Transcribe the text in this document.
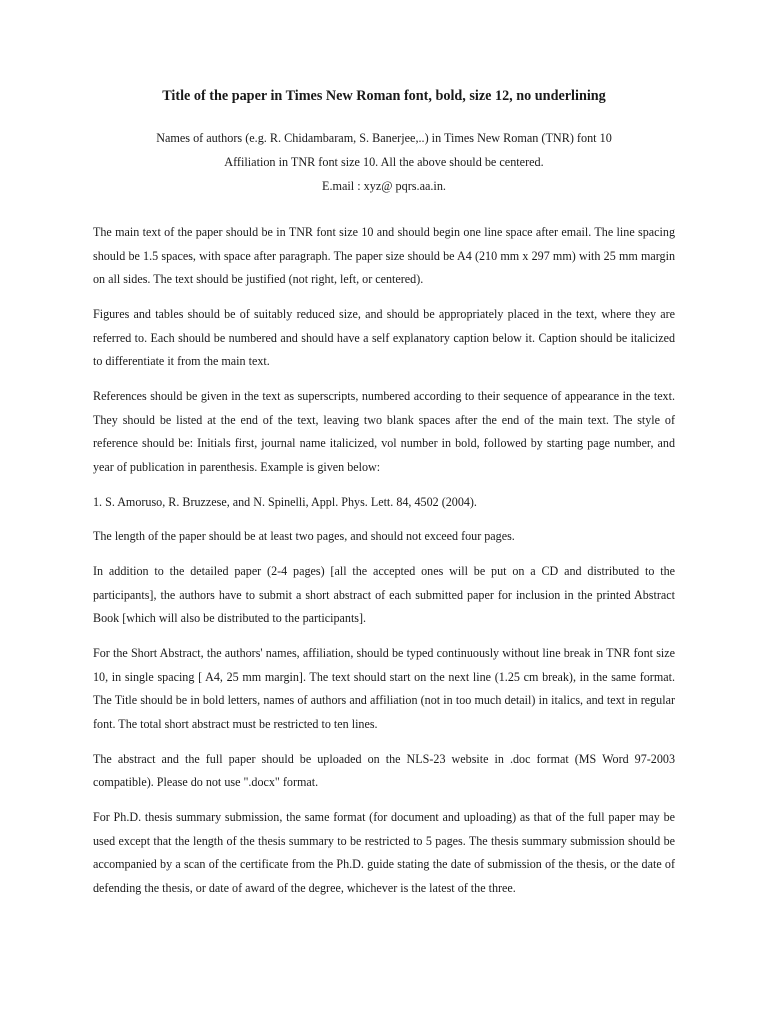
Title of the paper in Times New Roman font, bold, size 12, no underlining

Names of authors (e.g. R. Chidambaram, S. Banerjee,..) in Times New Roman (TNR) font 10

Affiliation in TNR font size 10. All the above should be centered.

E.mail : xyz@ pqrs.aa.in.

The main text of the paper should be in TNR font size 10 and should begin one line space after email. The line spacing should be 1.5 spaces, with space after paragraph. The paper size should be A4 (210 mm x 297 mm) with 25 mm margin on all sides. The text should be justified (not right, left, or centered).

Figures and tables should be of suitably reduced size, and should be appropriately placed in the text, where they are referred to. Each should be numbered and should have a self explanatory caption below it. Caption should be italicized to differentiate it from the main text.

References should be given in the text as superscripts, numbered according to their sequence of appearance in the text. They should be listed at the end of the text, leaving two blank spaces after the end of the main text. The style of reference should be: Initials first, journal name italicized, vol number in bold, followed by starting page number, and year of publication in parenthesis. Example is given below:

1. S. Amoruso, R. Bruzzese, and N. Spinelli, Appl. Phys. Lett. 84, 4502 (2004).

The length of the paper should be at least two pages, and should not exceed four pages.

In addition to the detailed paper (2-4 pages) [all the accepted ones will be put on a CD and distributed to the participants], the authors have to submit a short abstract of each submitted paper for inclusion in the printed Abstract Book [which will also be distributed to the participants].

For the Short Abstract, the authors' names, affiliation, should be typed continuously without line break in TNR font size 10, in single spacing [ A4, 25 mm margin]. The text should start on the next line (1.25 cm break), in the same format. The Title should be in bold letters, names of authors and affiliation (not in too much detail) in italics, and text in regular font. The total short abstract must be restricted to ten lines.

The abstract and the full paper should be uploaded on the NLS-23 website in .doc format (MS Word 97-2003 compatible). Please do not use ".docx" format.

For Ph.D. thesis summary submission, the same format (for document and uploading) as that of the full paper may be used except that the length of the thesis summary to be restricted to 5 pages. The thesis summary submission should be accompanied by a scan of the certificate from the Ph.D. guide stating the date of submission of the thesis, or the date of defending the thesis, or date of award of the degree, whichever is the latest of the three.
